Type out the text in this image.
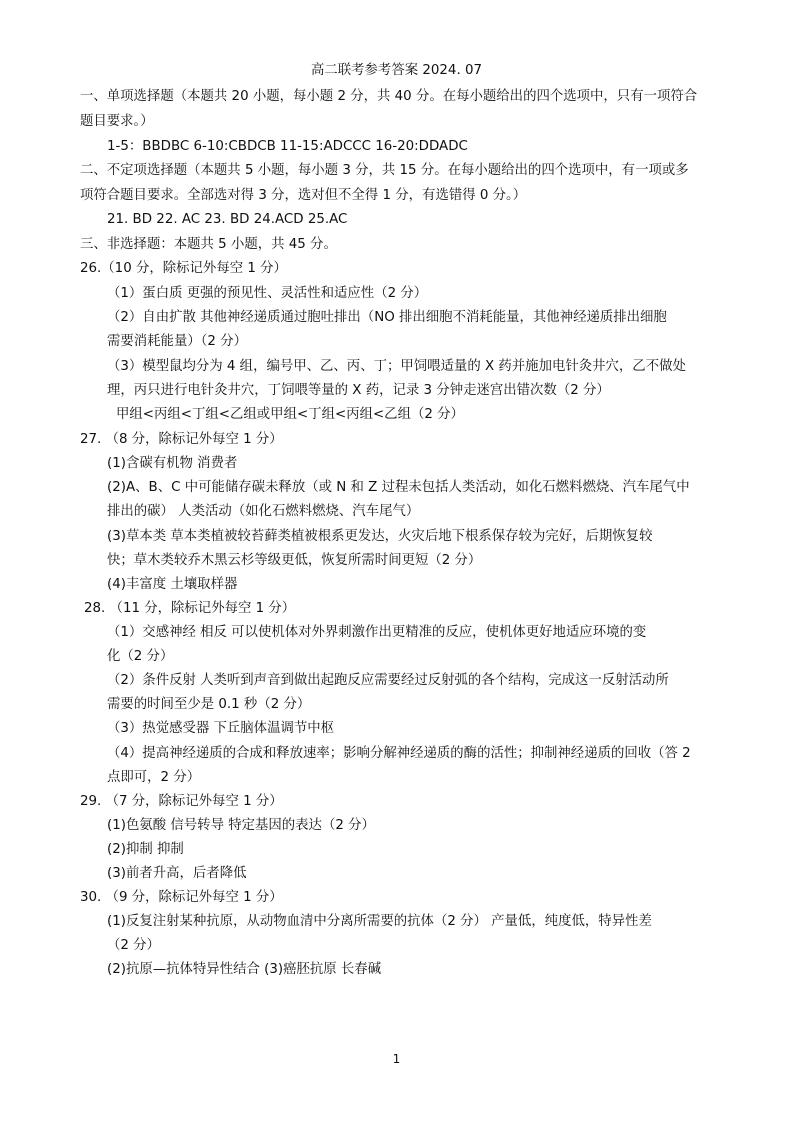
高二联考参考答案 2024. 07
一、单项选择题（本题共 20 小题，每小题 2 分，共 40 分。在每小题给出的四个选项中，只有一项符合
题目要求。）
1-5：BBDBC 6-10:CBDCB 11-15:ADCCC 16-20:DDADC
二、不定项选择题（本题共 5 小题，每小题 3 分，共 15 分。在每小题给出的四个选项中，有一项或多
项符合题目要求。全部选对得 3 分，选对但不全得 1 分，有选错得 0 分。）
21. BD 22. AC 23. BD 24.ACD 25.AC
三、非选择题：本题共 5 小题，共 45 分。
26.（10 分，除标记外每空 1 分）
（1）蛋白质 更强的预见性、灵活性和适应性（2 分）
（2）自由扩散 其他神经递质通过胞吐排出（NO 排出细胞不消耗能量，其他神经递质排出细胞
需要消耗能量）（2 分）
（3）模型鼠均分为 4 组，编号甲、乙、丙、丁；甲饲喂适量的 X 药并施加电针灸井穴，乙不做处
理，丙只进行电针灸井穴，丁饲喂等量的 X 药，记录 3 分钟走迷宫出错次数（2 分）
甲组<丙组<丁组<乙组或甲组<丁组<丙组<乙组（2 分）
27. （8 分，除标记外每空 1 分）
(1)含碳有机物 消费者
(2)A、B、C 中可能储存碳未释放（或 N 和 Z 过程未包括人类活动，如化石燃料燃烧、汽车尾气中
排出的碳） 人类活动（如化石燃料燃烧、汽车尾气）
(3)草本类 草本类植被较苔藓类植被根系更发达，火灾后地下根系保存较为完好，后期恢复较
快；草木类较乔木黑云杉等级更低，恢复所需时间更短（2 分）
(4)丰富度 土壤取样器
28. （11 分，除标记外每空 1 分）
（1）交感神经 相反 可以使机体对外界刺激作出更精准的反应，使机体更好地适应环境的变
化（2 分）
（2）条件反射 人类听到声音到做出起跑反应需要经过反射弧的各个结构，完成这一反射活动所
需要的时间至少是 0.1 秒（2 分）
（3）热觉感受器 下丘脑体温调节中枢
（4）提高神经递质的合成和释放速率；影响分解神经递质的酶的活性；抑制神经递质的回收（答 2
点即可，2 分）
29. （7 分，除标记外每空 1 分）
(1)色氨酸 信号转导 特定基因的表达（2 分）
(2)抑制 抑制
(3)前者升高，后者降低
30. （9 分，除标记外每空 1 分）
(1)反复注射某种抗原，从动物血清中分离所需要的抗体（2 分） 产量低，纯度低，特异性差
（2 分）
(2)抗原—抗体特异性结合 (3)癌胚抗原 长春碱
1
